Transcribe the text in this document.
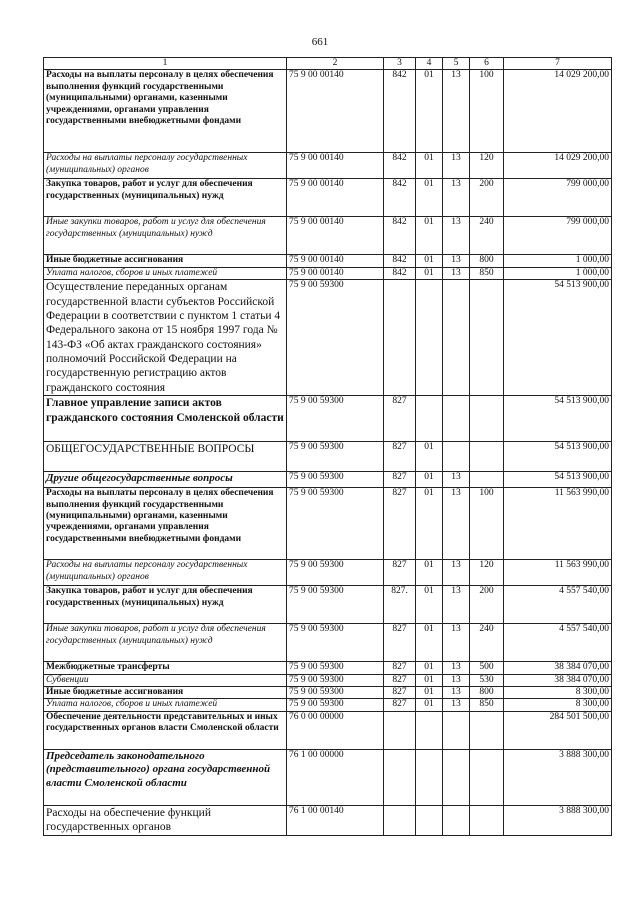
661
1	2	3	4	5	6	7
Расходы на выплаты персоналу в целях обеспечения выполнения функций государственными (муниципальными) органами, казенными учреждениями, органами управления государственными внебюджетными фондами	75 9 00 00140	842	01	13	100	14 029 200,00
Расходы на выплаты персоналу государственных (муниципальных) органов	75 9 00 00140	842	01	13	120	14 029 200,00
Закупка товаров, работ и услуг для обеспечения государственных (муниципальных) нужд	75 9 00 00140	842	01	13	200	799 000,00
Иные закупки товаров, работ и услуг для обеспечения государственных (муниципальных) нужд	75 9 00 00140	842	01	13	240	799 000,00
Иные бюджетные ассигнования	75 9 00 00140	842	01	13	800	1 000,00
Уплата налогов, сборов и иных платежей	75 9 00 00140	842	01	13	850	1 000,00
Осуществление переданных органам государственной власти субъектов Российской Федерации в соответствии с пунктом 1 статьи 4 Федерального закона от 15 ноября 1997 года № 143-ФЗ «Об актах гражданского состояния» полномочий Российской Федерации на государственную регистрацию актов гражданского состояния	75 9 00 59300					54 513 900,00
Главное управление записи актов гражданского состояния Смоленской области	75 9 00 59300	827				54 513 900,00
ОБЩЕГОСУДАРСТВЕННЫЕ ВОПРОСЫ	75 9 00 59300	827	01			54 513 900,00
Другие общегосударственные вопросы	75 9 00 59300	827	01	13		54 513 900,00
Расходы на выплаты персоналу в целях обеспечения выполнения функций государственными (муниципальными) органами, казенными учреждениями, органами управления государственными внебюджетными фондами	75 9 00 59300	827	01	13	100	11 563 990,00
Расходы на выплаты персоналу государственных (муниципальных) органов	75 9 00 59300	827	01	13	120	11 563 990,00
Закупка товаров, работ и услуг для обеспечения государственных (муниципальных) нужд	75 9 00 59300	827.	01	13	200	4 557 540,00
Иные закупки товаров, работ и услуг для обеспечения государственных (муниципальных) нужд	75 9 00 59300	827	01	13	240	4 557 540,00
Межбюджетные трансферты	75 9 00 59300	827	01	13	500	38 384 070,00
Субвенции	75 9 00 59300	827	01	13	530	38 384 070,00
Иные бюджетные ассигнования	75 9 00 59300	827	01	13	800	8 300,00
Уплата налогов, сборов и иных платежей	75 9 00 59300	827	01	13	850	8 300,00
Обеспечение деятельности представительных и иных государственных органов власти Смоленской области	76 0 00 00000					284 501 500,00
Председатель законодательного (представительного) органа государственной власти Смоленской области	76 1 00 00000					3 888 300,00
Расходы на обеспечение функций государственных органов	76 1 00 00140					3 888 300,00
